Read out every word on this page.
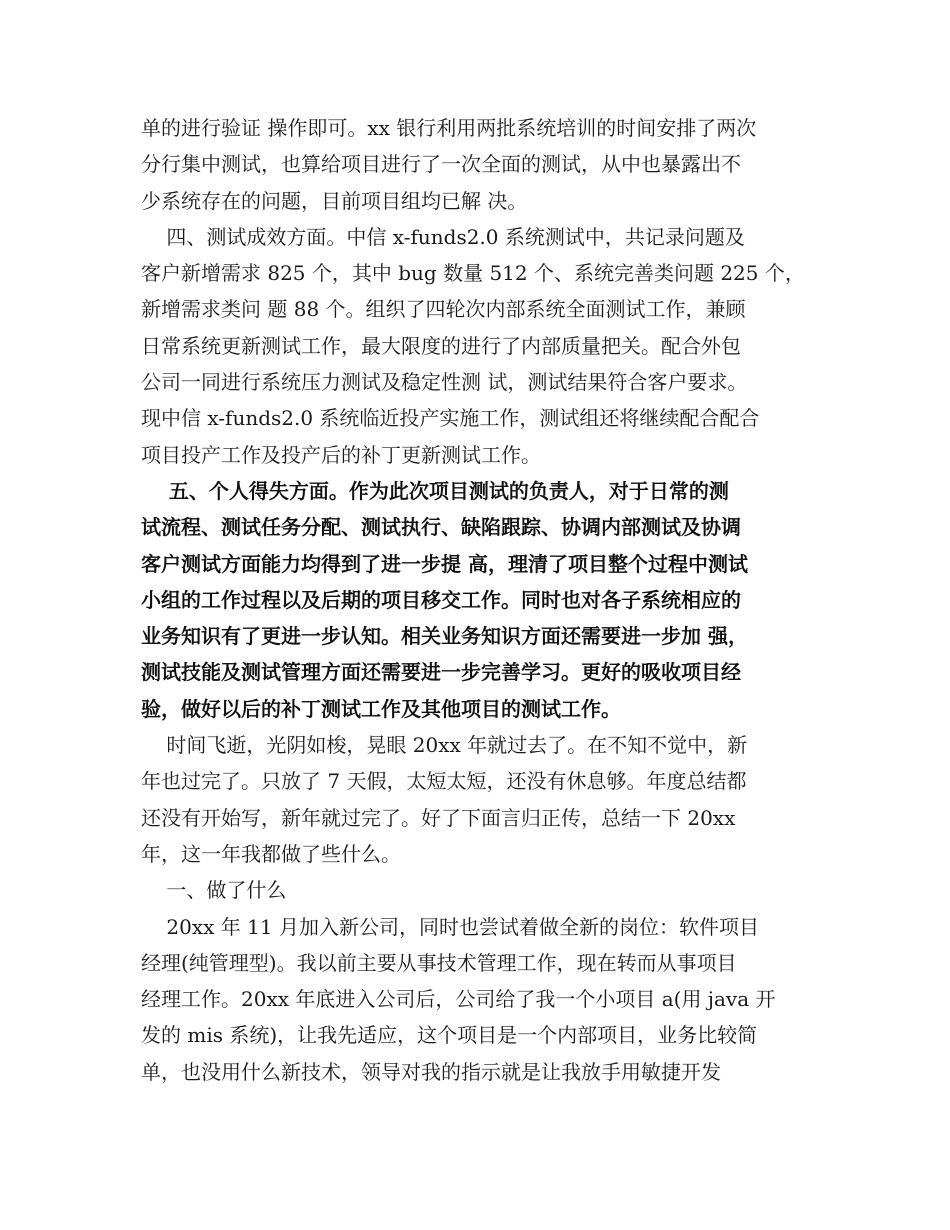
单的进行验证 操作即可。xx 银行利用两批系统培训的时间安排了两次
分行集中测试，也算给项目进行了一次全面的测试，从中也暴露出不
少系统存在的问题，目前项目组均已解 决。
四、测试成效方面。中信 x-funds2.0 系统测试中，共记录问题及
客户新增需求 825 个，其中 bug 数量 512 个、系统完善类问题 225 个，
新增需求类问 题 88 个。组织了四轮次内部系统全面测试工作，兼顾
日常系统更新测试工作，最大限度的进行了内部质量把关。配合外包
公司一同进行系统压力测试及稳定性测 试，测试结果符合客户要求。
现中信 x-funds2.0 系统临近投产实施工作，测试组还将继续配合配合
项目投产工作及投产后的补丁更新测试工作。
五、个人得失方面。作为此次项目测试的负责人，对于日常的测
试流程、测试任务分配、测试执行、缺陷跟踪、协调内部测试及协调
客户测试方面能力均得到了进一步提 高，理清了项目整个过程中测试
小组的工作过程以及后期的项目移交工作。同时也对各子系统相应的
业务知识有了更进一步认知。相关业务知识方面还需要进一步加 强，
测试技能及测试管理方面还需要进一步完善学习。更好的吸收项目经
验，做好以后的补丁测试工作及其他项目的测试工作。
时间飞逝，光阴如梭，晃眼 20xx 年就过去了。在不知不觉中，新
年也过完了。只放了 7 天假，太短太短，还没有休息够。年度总结都
还没有开始写，新年就过完了。好了下面言归正传，总结一下 20xx
年，这一年我都做了些什么。
一、做了什么
20xx 年 11 月加入新公司，同时也尝试着做全新的岗位：软件项目
经理(纯管理型)。我以前主要从事技术管理工作，现在转而从事项目
经理工作。20xx 年底进入公司后，公司给了我一个小项目 a(用 java 开
发的 mis 系统)，让我先适应，这个项目是一个内部项目，业务比较简
单，也没用什么新技术，领导对我的指示就是让我放手用敏捷开发
